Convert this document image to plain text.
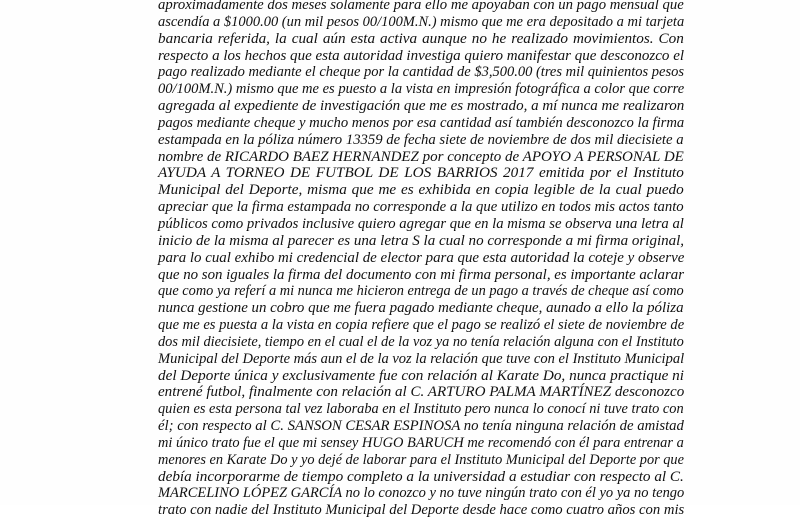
aproximadamente dos meses solamente para ello me apoyaban con un pago mensual que
ascendía a $1000.00 (un mil pesos 00/100M.N.) mismo que me era depositado a mi tarjeta
bancaria referida, la cual aún esta activa aunque no he realizado movimientos. Con
respecto a los hechos que esta autoridad investiga quiero manifestar que desconozco el
pago realizado mediante el cheque por la cantidad de $3,500.00 (tres mil quinientos pesos
00/100M.N.) mismo que me es puesto a la vista en impresión fotográfica a color que corre
agregada al expediente de investigación que me es mostrado, a mí nunca me realizaron
pagos mediante cheque y mucho menos por esa cantidad así también desconozco la firma
estampada en la póliza número 13359 de fecha siete de noviembre de dos mil diecisiete a
nombre de RICARDO BAEZ HERNANDEZ por concepto de APOYO A PERSONAL DE
AYUDA A TORNEO DE FUTBOL DE LOS BARRIOS 2017 emitida por el Instituto
Municipal del Deporte, misma que me es exhibida en copia legible de la cual puedo
apreciar que la firma estampada no corresponde a la que utilizo en todos mis actos tanto
públicos como privados inclusive quiero agregar que en la misma se observa una letra al
inicio de la misma al parecer es una letra S la cual no corresponde a mi firma original,
para lo cual exhibo mi credencial de elector para que esta autoridad la coteje y observe
que no son iguales la firma del documento con mi firma personal, es importante aclarar
que como ya referí a mi nunca me hicieron entrega de un pago a través de cheque así como
nunca gestione un cobro que me fuera pagado mediante cheque, aunado a ello la póliza
que me es puesta a la vista en copia refiere que el pago se realizó el siete de noviembre de
dos mil diecisiete, tiempo en el cual el de la voz ya no tenía relación alguna con el Instituto
Municipal del Deporte más aun el de la voz la relación que tuve con el Instituto Municipal
del Deporte única y exclusivamente fue con relación al Karate Do, nunca practique ni
entrené futbol, finalmente con relación al C. ARTURO PALMA MARTÍNEZ desconozco
quien es esta persona tal vez laboraba en el Instituto pero nunca lo conocí ni tuve trato con
él; con respecto al C. SANSON CESAR ESPINOSA no tenía ninguna relación de amistad
mi único trato fue el que mi sensey HUGO BARUCH me recomendó con él para entrenar a
menores en Karate Do y yo dejé de laborar para el Instituto Municipal del Deporte por que
debía incorporarme de tiempo completo a la universidad a estudiar con respecto al C.
MARCELINO LÓPEZ GARCÍA no lo conozco y no tuve ningún trato con él yo ya no tengo
trato con nadie del Instituto Municipal del Deporte desde hace como cuatro años con mis
